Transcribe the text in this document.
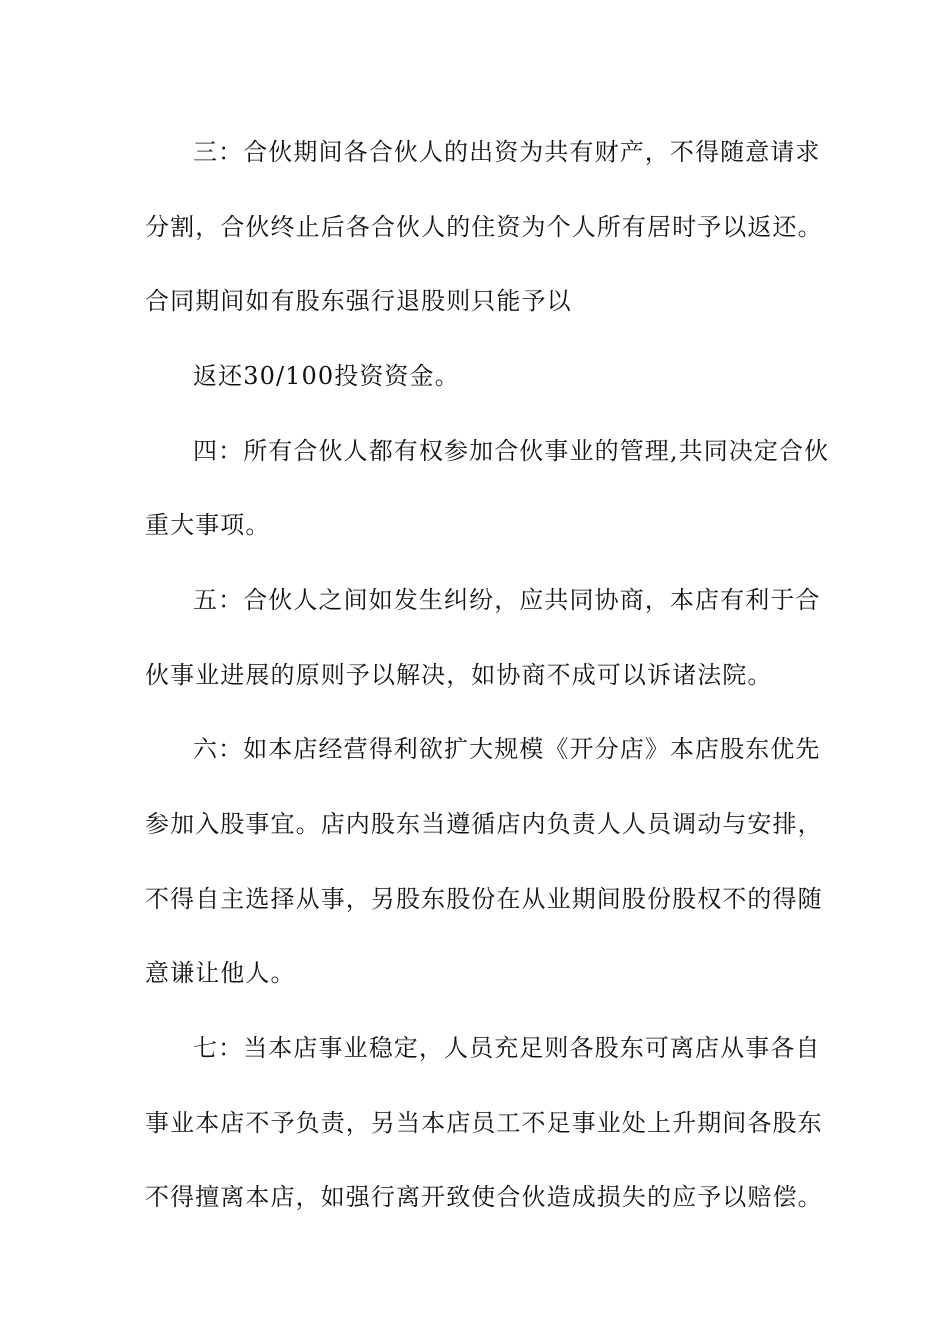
三：合伙期间各合伙人的出资为共有财产，不得随意请求
分割，合伙终止后各合伙人的住资为个人所有居时予以返还。
合同期间如有股东强行退股则只能予以
返还30/100投资资金。
四：所有合伙人都有权参加合伙事业的管理,共同决定合伙
重大事项。
五：合伙人之间如发生纠纷，应共同协商，本店有利于合
伙事业进展的原则予以解决，如协商不成可以诉诸法院。
六：如本店经营得利欲扩大规模《开分店》本店股东优先
参加入股事宜。店内股东当遵循店内负责人人员调动与安排，
不得自主选择从事，另股东股份在从业期间股份股权不的得随
意谦让他人。
七：当本店事业稳定，人员充足则各股东可离店从事各自
事业本店不予负责，另当本店员工不足事业处上升期间各股东
不得擅离本店，如强行离开致使合伙造成损失的应予以赔偿。
